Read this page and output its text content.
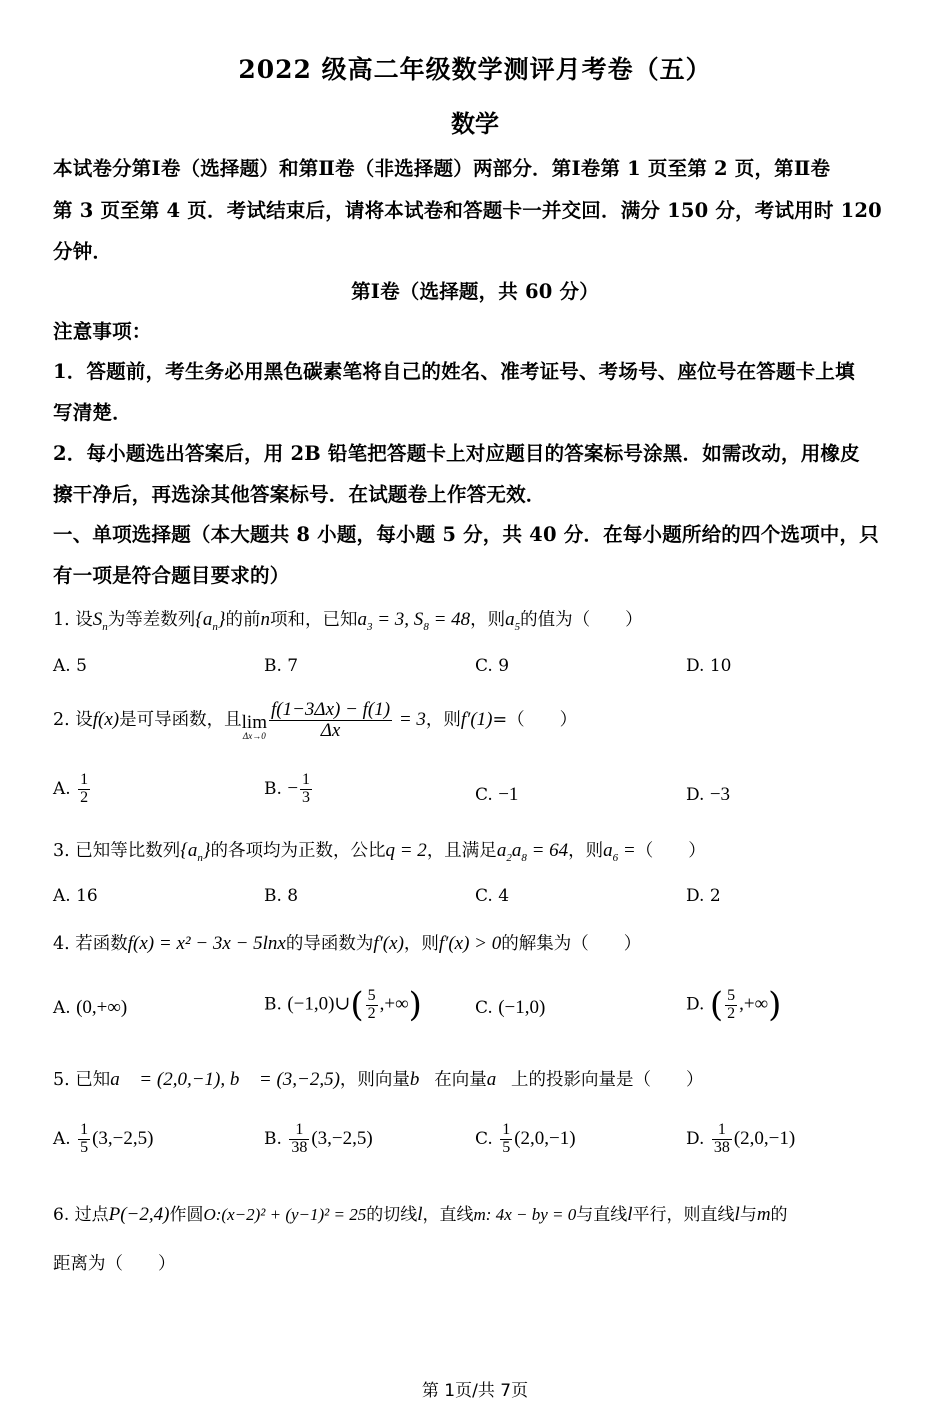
2022 级高二年级数学测评月考卷（五）
数学
本试卷分第Ⅰ卷（选择题）和第Ⅱ卷（非选择题）两部分．第Ⅰ卷第 1 页至第 2 页，第Ⅱ卷
第 3 页至第 4 页．考试结束后，请将本试卷和答题卡一并交回．满分 150 分，考试用时 120
分钟．
第Ⅰ卷（选择题，共 60 分）
注意事项：
1．答题前，考生务必用黑色碳素笔将自己的姓名、准考证号、考场号、座位号在答题卡上填
写清楚．
2．每小题选出答案后，用 2B 铅笔把答题卡上对应题目的答案标号涂黑．如需改动，用橡皮
擦干净后，再选涂其他答案标号．在试题卷上作答无效．
一、单项选择题（本大题共 8 小题，每小题 5 分，共 40 分．在每小题所给的四个选项中，只
有一项是符合题目要求的）
1. 设$S_n$为等差数列$\{a_n\}$的前n项和，已知$a_3 = 3$, $S_8 = 48$，则$a_5$的值为（　　）
A. 5	B. 7	C. 9	D. 10
2. 设f(x)是可导函数，且lim
$\Delta x\to 0 \frac{f(1-3\Delta x) - f(1)}{\Delta x} = 3$，则f′(1)=（　　）
A. $\frac{1}{2}$	B. − $\frac{1}{3}$	C. −1	D. −3
3. 已知等比数列$\{a_n\}$的各项均为正数，公比q = 2，且满足$a_2a_8 = 64$，则$a_6$ =（　　）
A. 16	B. 8	C. 4	D. 2
4. 若函数f(x) = x² − 3x − 5lnx的导函数为f′(x)，则f′(x) > 0的解集为（　　）
A. (0,+∞)	B. (−1,0)∪( $\frac{5}{2}$ ,+∞)	C. (−1,0)	D. ( $\frac{5}{2}$ ,+∞)
5. 已知a⃗ = (2,0,−1), b⃗ = (3,−2,5)，则向量b⃗在向量a⃗上的投影向量是（　　）
A. $\frac{1}{5} (3,-2,5)$	B. $\frac{1}{38} (3,-2,5)$	C. $\frac{1}{5} (2,0,-1)$	D. $\frac{1}{38} (2,0,-1)$
6. 过点P(−2,4)作圆O:(x−2)² + (y−1)² = 25的切线l，直线m: 4x − by = 0与直线l平行，则直线l与m的
距离为（　　）
第 1页/共 7页
